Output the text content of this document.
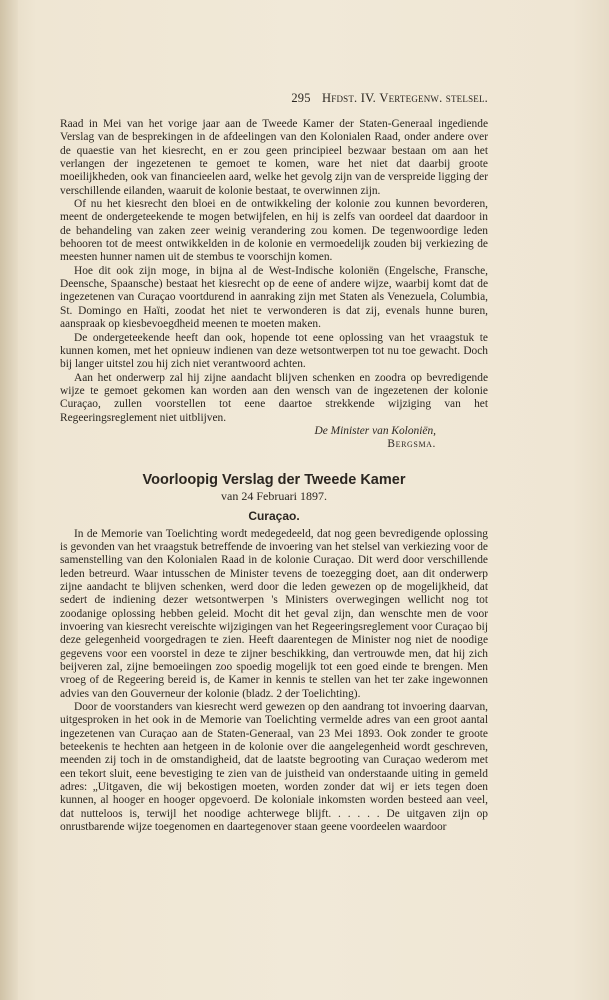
295 Hfdst. IV. Vertegenw. stelsel.

Raad in Mei van het vorige jaar aan de Tweede Kamer der Staten-Generaal ingediende Verslag van de besprekingen in de afdeelingen van den Kolonialen Raad, onder andere over de quaestie van het kiesrecht, en er zou geen principieel bezwaar bestaan om aan het verlangen der ingezetenen te gemoet te komen, ware het niet dat daarbij groote moeilijkheden, ook van financieelen aard, welke het gevolg zijn van de verspreide ligging der verschillende eilanden, waaruit de kolonie bestaat, te overwinnen zijn.

Of nu het kiesrecht den bloei en de ontwikkeling der kolonie zou kunnen bevorderen, meent de ondergeteekende te mogen betwijfelen, en hij is zelfs van oordeel dat daardoor in de behandeling van zaken zeer weinig verandering zou komen. De tegenwoordige leden behooren tot de meest ontwikkelden in de kolonie en vermoedelijk zouden bij verkiezing de meesten hunner namen uit de stembus te voorschijn komen.

Hoe dit ook zijn moge, in bijna al de West-Indische koloniën (Engelsche, Fransche, Deensche, Spaansche) bestaat het kiesrecht op de eene of andere wijze, waarbij komt dat de ingezetenen van Curaçao voortdurend in aanraking zijn met Staten als Venezuela, Columbia, St. Domingo en Haïti, zoodat het niet te verwonderen is dat zij, evenals hunne buren, aanspraak op kiesbevoegdheid meenen te moeten maken.

De ondergeteekende heeft dan ook, hopende tot eene oplossing van het vraagstuk te kunnen komen, met het opnieuw indienen van deze wetsontwerpen tot nu toe gewacht. Doch bij langer uitstel zou hij zich niet verantwoord achten.

Aan het onderwerp zal hij zijne aandacht blijven schenken en zoodra op bevredigende wijze te gemoet gekomen kan worden aan den wensch van de ingezetenen der kolonie Curaçao, zullen voorstellen tot eene daartoe strekkende wijziging van het Regeeringsreglement niet uitblijven.

De Minister van Koloniën,

Bergsma.

Voorloopig Verslag der Tweede Kamer
van 24 Februari 1897.
Curaçao.

In de Memorie van Toelichting wordt medegedeeld, dat nog geen bevredigende oplossing is gevonden van het vraagstuk betreffende de invoering van het stelsel van verkiezing voor de samenstelling van den Kolonialen Raad in de kolonie Curaçao. Dit werd door verschillende leden betreurd. Waar intusschen de Minister tevens de toezegging doet, aan dit onderwerp zijne aandacht te blijven schenken, werd door die leden gewezen op de mogelijkheid, dat sedert de indiening dezer wetsontwerpen 's Ministers overwegingen wellicht nog tot zoodanige oplossing hebben geleid. Mocht dit het geval zijn, dan wenschte men de voor invoering van kiesrecht vereischte wijzigingen van het Regeeringsreglement voor Curaçao bij deze gelegenheid voorgedragen te zien. Heeft daarentegen de Minister nog niet de noodige gegevens voor een voorstel in deze te zijner beschikking, dan vertrouwde men, dat hij zich beijveren zal, zijne bemoeiingen zoo spoedig mogelijk tot een goed einde te brengen. Men vroeg of de Regeering bereid is, de Kamer in kennis te stellen van het ter zake ingewonnen advies van den Gouverneur der kolonie (bladz. 2 der Toelichting).

Door de voorstanders van kiesrecht werd gewezen op den aandrang tot invoering daarvan, uitgesproken in het ook in de Memorie van Toelichting vermelde adres van een groot aantal ingezetenen van Curaçao aan de Staten-Generaal, van 23 Mei 1893. Ook zonder te groote beteekenis te hechten aan hetgeen in de kolonie over die aangelegenheid wordt geschreven, meenden zij toch in de omstandigheid, dat de laatste begrooting van Curaçao wederom met een tekort sluit, eene bevestiging te zien van de juistheid van onderstaande uiting in gemeld adres: „Uitgaven, die wij bekostigen moeten, worden zonder dat wij er iets tegen doen kunnen, al hooger en hooger opgevoerd. De koloniale inkomsten worden besteed aan veel, dat nutteloos is, terwijl het noodige achterwege blijft. . . . . . De uitgaven zijn op onrustbarende wijze toegenomen en daartegenover staan geene voordeelen waardoor
